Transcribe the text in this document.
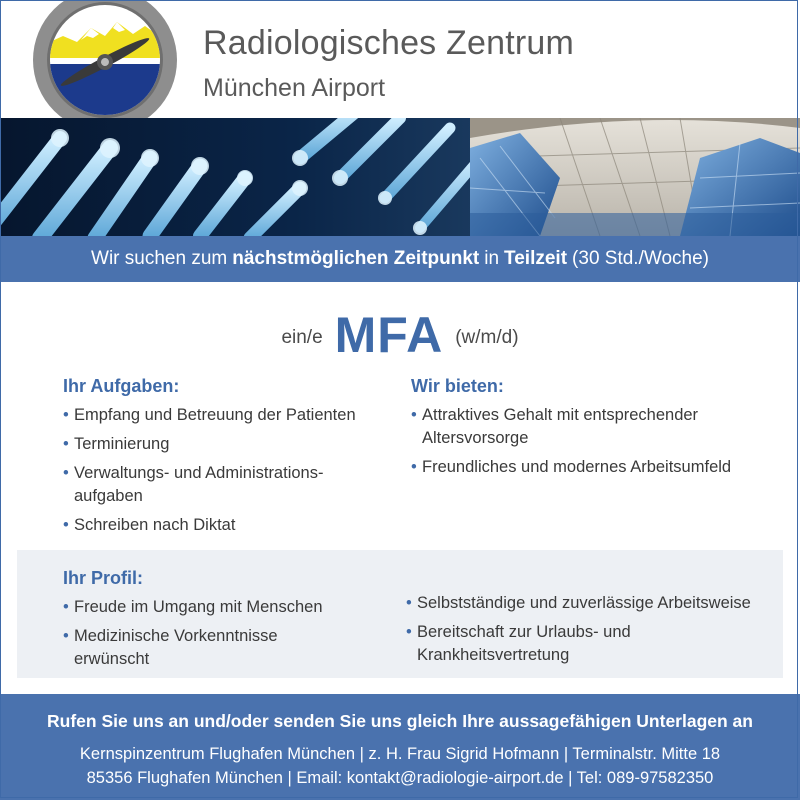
Radiologisches Zentrum
München Airport
Wir suchen zum nächstmöglichen Zeitpunkt in Teilzeit (30 Std./Woche)
ein/e MFA (w/m/d)
Ihr Aufgaben:
• Empfang und Betreuung der Patienten
• Terminierung
• Verwaltungs- und Administrations-
aufgaben
• Schreiben nach Diktat
Wir bieten:
• Attraktives Gehalt mit entsprechender
Altersvorsorge
• Freundliches und modernes Arbeitsumfeld
Ihr Profil:
• Freude im Umgang mit Menschen
• Medizinische Vorkenntnisse
erwünscht
• Selbstständige und zuverlässige Arbeitsweise
• Bereitschaft zur Urlaubs- und
Krankheitsvertretung
Rufen Sie uns an und/oder senden Sie uns gleich Ihre aussagefähigen Unterlagen an
Kernspinzentrum Flughafen München | z. H. Frau Sigrid Hofmann | Terminalstr. Mitte 18
85356 Flughafen München | Email: kontakt@radiologie-airport.de | Tel: 089-97582350
